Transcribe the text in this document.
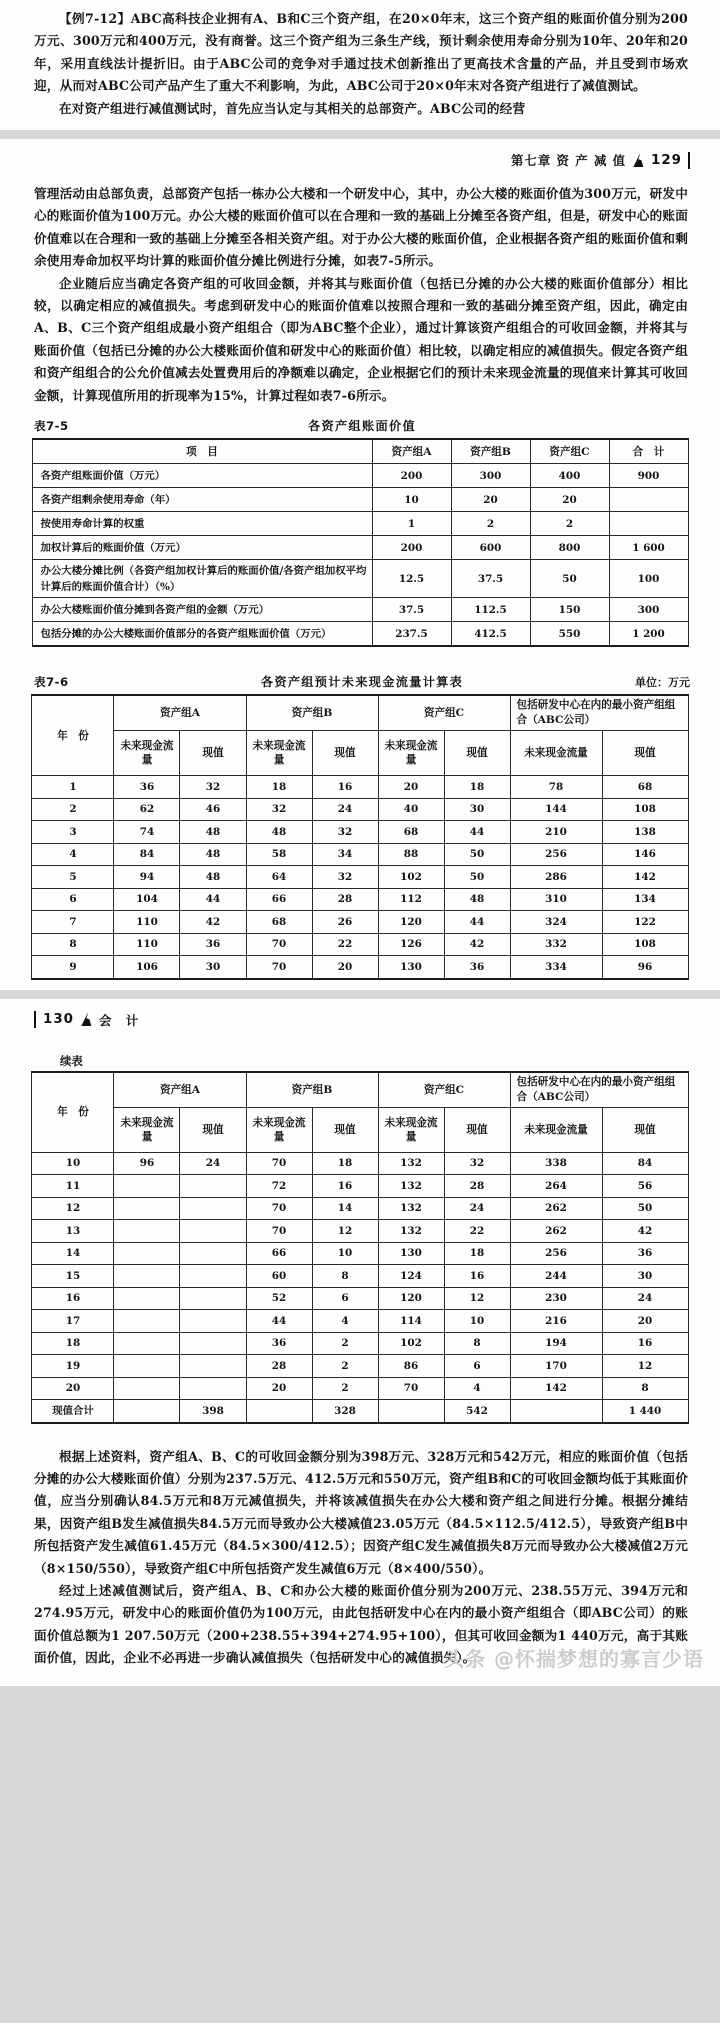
【例7-12】ABC高科技企业拥有A、B和C三个资产组，在20×0年末，这三个资产组的账面价值分别为200万元、300万元和400万元，没有商誉。这三个资产组为三条生产线，预计剩余使用寿命分别为10年、20年和20年，采用直线法计提折旧。由于ABC公司的竞争对手通过技术创新推出了更高技术含量的产品，并且受到市场欢迎，从而对ABC公司产品产生了重大不利影响，为此，ABC公司于20×0年末对各资产组进行了减值测试。

在对资产组进行减值测试时，首先应当认定与其相关的总部资产。ABC公司的经营

第七章 资 产 减 值 129

管理活动由总部负责，总部资产包括一栋办公大楼和一个研发中心，其中，办公大楼的账面价值为300万元，研发中心的账面价值为100万元。办公大楼的账面价值可以在合理和一致的基础上分摊至各资产组，但是，研发中心的账面价值难以在合理和一致的基础上分摊至各相关资产组。对于办公大楼的账面价值，企业根据各资产组的账面价值和剩余使用寿命加权平均计算的账面价值分摊比例进行分摊，如表7-5所示。

企业随后应当确定各资产组的可收回金额，并将其与账面价值（包括已分摊的办公大楼的账面价值部分）相比较，以确定相应的减值损失。考虑到研发中心的账面价值难以按照合理和一致的基础分摊至资产组，因此，确定由A、B、C三个资产组组成最小资产组组合（即为ABC整个企业），通过计算该资产组组合的可收回金额，并将其与账面价值（包括已分摊的办公大楼账面价值和研发中心的账面价值）相比较，以确定相应的减值损失。假定各资产组和资产组组合的公允价值减去处置费用后的净额难以确定，企业根据它们的预计未来现金流量的现值来计算其可收回金额，计算现值所用的折现率为15%，计算过程如表7-6所示。

表7-5	各资产组账面价值
项　目	资产组A	资产组B	资产组C	合　计
各资产组账面价值（万元）	200	300	400	900
各资产组剩余使用寿命（年）	10	20	20	
按使用寿命计算的权重	1	2	2	
加权计算后的账面价值（万元）	200	600	800	1 600
办公大楼分摊比例（各资产组加权计算后的账面价值/各资产组加权平均计算后的账面价值合计）（%）	12.5	37.5	50	100
办公大楼账面价值分摊到各资产组的金额（万元）	37.5	112.5	150	300
包括分摊的办公大楼账面价值部分的各资产组账面价值（万元）	237.5	412.5	550	1 200
表7-6	各资产组预计未来现金流量计算表	单位：万元
年　份	资产组A		资产组B		资产组C		包括研发中心在内的最小资产组组合（ABC公司）	
	未来现金流量	现值	未来现金流量	现值	未来现金流量	现值	未来现金流量	现值
1	36	32	18	16	20	18	78	68
2	62	46	32	24	40	30	144	108
3	74	48	48	32	68	44	210	138
4	84	48	58	34	88	50	256	146
5	94	48	64	32	102	50	286	142
6	104	44	66	28	112	48	310	134
7	110	42	68	26	120	44	324	122
8	110	36	70	22	126	42	332	108
9	106	30	70	20	130	36	334	96
130 会　计
续表
年　份	资产组A		资产组B		资产组C		包括研发中心在内的最小资产组组合（ABC公司）	
	未来现金流量	现值	未来现金流量	现值	未来现金流量	现值	未来现金流量	现值
10	96	24	70	18	132	32	338	84
11			72	16	132	28	264	56
12			70	14	132	24	262	50
13			70	12	132	22	262	42
14			66	10	130	18	256	36
15			60	8	124	16	244	30
16			52	6	120	12	230	24
17			44	4	114	10	216	20
18			36	2	102	8	194	16
19			28	2	86	6	170	12
20			20	2	70	4	142	8
现值合计		398		328		542		1 440

根据上述资料，资产组A、B、C的可收回金额分别为398万元、328万元和542万元，相应的账面价值（包括分摊的办公大楼账面价值）分别为237.5万元、412.5万元和550万元，资产组B和C的可收回金额均低于其账面价值，应当分别确认84.5万元和8万元减值损失，并将该减值损失在办公大楼和资产组之间进行分摊。根据分摊结果，因资产组B发生减值损失84.5万元而导致办公大楼减值23.05万元（84.5×112.5/412.5），导致资产组B中所包括资产发生减值61.45万元（84.5×300/412.5）；因资产组C发生减值损失8万元而导致办公大楼减值2万元（8×150/550），导致资产组C中所包括资产发生减值6万元（8×400/550）。

经过上述减值测试后，资产组A、B、C和办公大楼的账面价值分别为200万元、238.55万元、394万元和274.95万元，研发中心的账面价值仍为100万元，由此包括研发中心在内的最小资产组组合（即ABC公司）的账面价值总额为1 207.50万元（200+238.55+394+274.95+100），但其可收回金额为1 440万元，高于其账面价值，因此，企业不必再进一步确认减值损失（包括研发中心的减值损失）。

头条 @怀揣梦想的寡言少语
